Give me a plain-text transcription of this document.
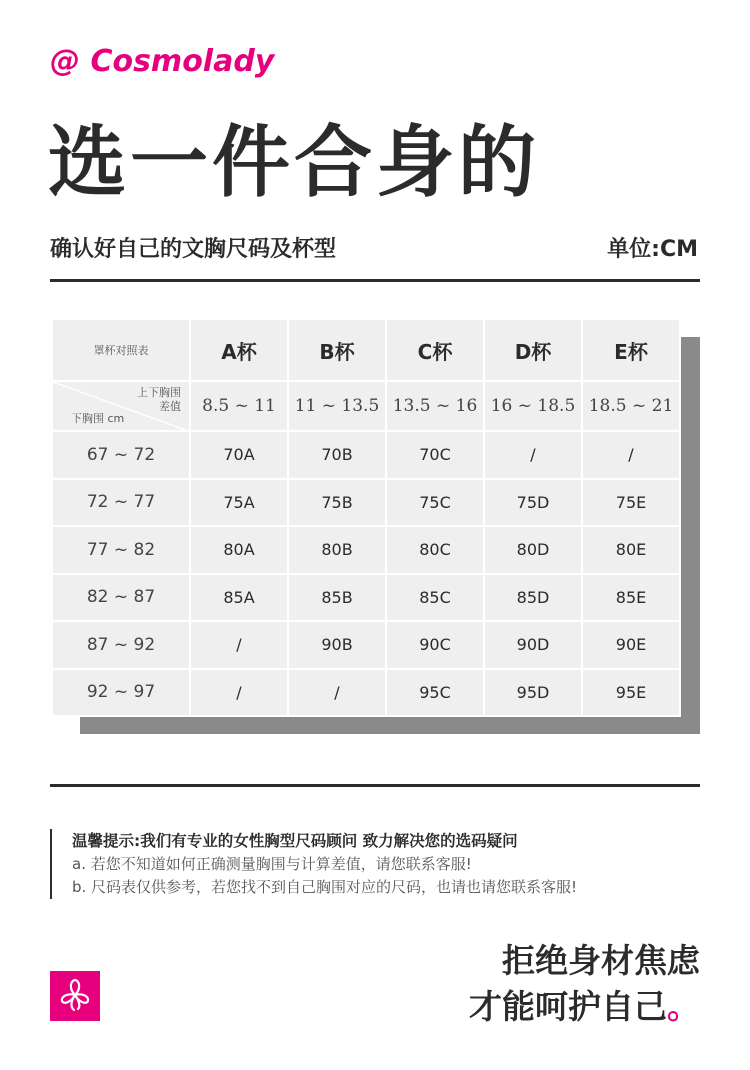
@ Cosmolady
选一件合身的
确认好自己的文胸尺码及杯型	单位:CM
罩杯对照表	A杯	B杯	C杯	D杯	E杯

上下胸围
差值
下胸围 cm	8.5 ~ 11	11 ~ 13.5	13.5 ~ 16	16 ~ 18.5	18.5 ~ 21
67 ~ 72	70A	70B	70C	/	/
72 ~ 77	75A	75B	75C	75D	75E
77 ~ 82	80A	80B	80C	80D	80E
82 ~ 87	85A	85B	85C	85D	85E
87 ~ 92	/	90B	90C	90D	90E
92 ~ 97	/	/	95C	95D	95E
温馨提示:我们有专业的女性胸型尺码顾问 致力解决您的选码疑问
a. 若您不知道如何正确测量胸围与计算差值，请您联系客服!
b. 尺码表仅供参考，若您找不到自己胸围对应的尺码，也请也请您联系客服!
拒绝身材焦虑
才能呵护自己。
